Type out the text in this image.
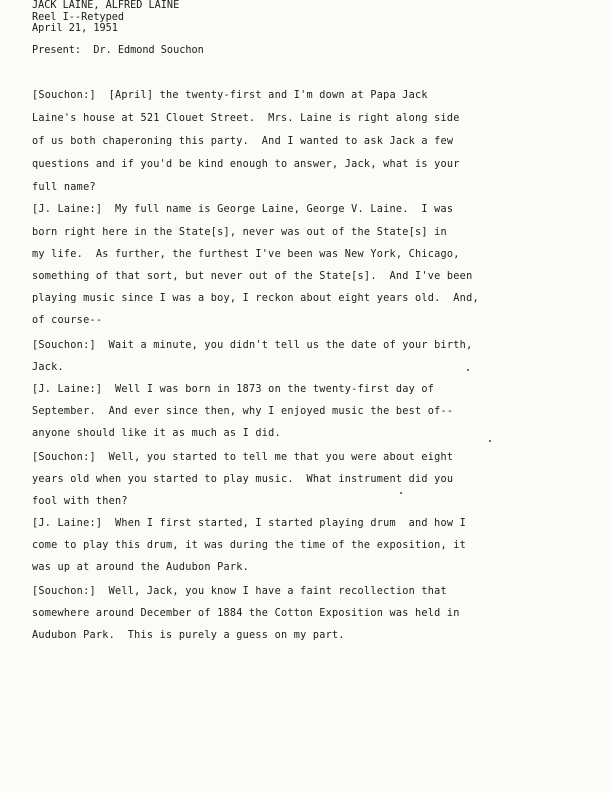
JACK LAINE, ALFRED LAINE
Reel I--Retyped
April 21, 1951
Present:  Dr. Edmond Souchon
[Souchon:]  [April] the twenty-first and I'm down at Papa Jack
Laine's house at 521 Clouet Street.  Mrs. Laine is right along side
of us both chaperoning this party.  And I wanted to ask Jack a few
questions and if you'd be kind enough to answer, Jack, what is your
full name?
[J. Laine:]  My full name is George Laine, George V. Laine.  I was
born right here in the State[s], never was out of the State[s] in
my life.  As further, the furthest I've been was New York, Chicago,
something of that sort, but never out of the State[s].  And I've been
playing music since I was a boy, I reckon about eight years old.  And,
of course--
[Souchon:]  Wait a minute, you didn't tell us the date of your birth,
Jack.
[J. Laine:]  Well I was born in 1873 on the twenty-first day of
September.  And ever since then, why I enjoyed music the best of--
anyone should like it as much as I did.
[Souchon:]  Well, you started to tell me that you were about eight
years old when you started to play music.  What instrument did you
fool with then?
[J. Laine:]  When I first started, I started playing drum  and how I
come to play this drum, it was during the time of the exposition, it
was up at around the Audubon Park.
[Souchon:]  Well, Jack, you know I have a faint recollection that
somewhere around December of 1884 the Cotton Exposition was held in
Audubon Park.  This is purely a guess on my part.
